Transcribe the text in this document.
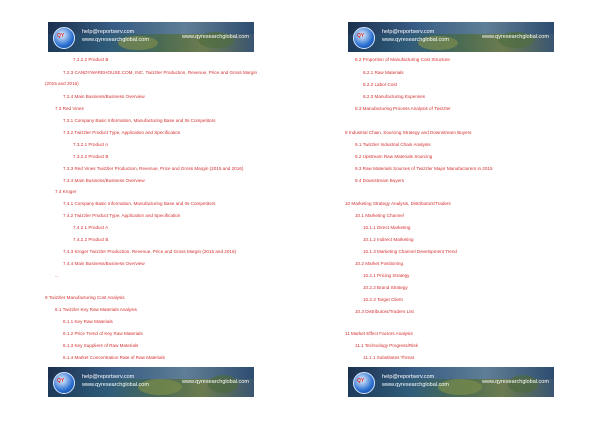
QY
help@reportserv.com
www.qyresearchglobal.com	www.qyresearchglobal.com
7.2.2.2 Product B
7.2.3 CANDYWAREHOUSE.COM, INC. Twizzler Production, Revenue, Price and Gross Margin
(2015 and 2016)
7.2.4 Main Business/Business Overview
7.3 Red Vines
7.3.1 Company Basic Information, Manufacturing Base and Its Competitors
7.3.2 Twizzler Product Type, Application and Specification
7.3.2.1 Product A
7.3.2.2 Product B
7.3.3 Red Vines Twizzler Production, Revenue, Price and Gross Margin (2015 and 2016)
7.3.4 Main Business/Business Overview
7.4 Kroger
7.4.1 Company Basic Information, Manufacturing Base and Its Competitors
7.4.2 Twizzler Product Type, Application and Specification
7.4.2.1 Product A
7.4.2.2 Product B
7.4.3 Kroger Twizzler Production, Revenue, Price and Gross Margin (2015 and 2016)
7.4.4 Main Business/Business Overview
...
8 Twizzler Manufacturing Cost Analysis
8.1 Twizzler Key Raw Materials Analysis
8.1.1 Key Raw Materials
8.1.2 Price Trend of Key Raw Materials
8.1.3 Key Suppliers of Raw Materials
8.1.4 Market Concentration Rate of Raw Materials
QY
help@reportserv.com
www.qyresearchglobal.com	www.qyresearchglobal.com
QY
help@reportserv.com
www.qyresearchglobal.com	www.qyresearchglobal.com
8.2 Proportion of Manufacturing Cost Structure
8.2.1 Raw Materials
8.2.2 Labor Cost
8.2.3 Manufacturing Expenses
8.3 Manufacturing Process Analysis of Twizzler
9 Industrial Chain, Sourcing Strategy and Downstream Buyers
9.1 Twizzler Industrial Chain Analysis
9.2 Upstream Raw Materials Sourcing
9.3 Raw Materials Sources of Twizzler Major Manufacturers in 2015
9.4 Downstream Buyers
10 Marketing Strategy Analysis, Distributors/Traders
10.1 Marketing Channel
10.1.1 Direct Marketing
10.1.2 Indirect Marketing
10.1.3 Marketing Channel Development Trend
10.2 Market Positioning
10.2.1 Pricing Strategy
10.2.2 Brand Strategy
10.2.3 Target Client
10.3 Distributors/Traders List
11 Market Effect Factors Analysis
11.1 Technology Progress/Risk
11.1.1 Substitutes Threat
QY
help@reportserv.com
www.qyresearchglobal.com	www.qyresearchglobal.com
